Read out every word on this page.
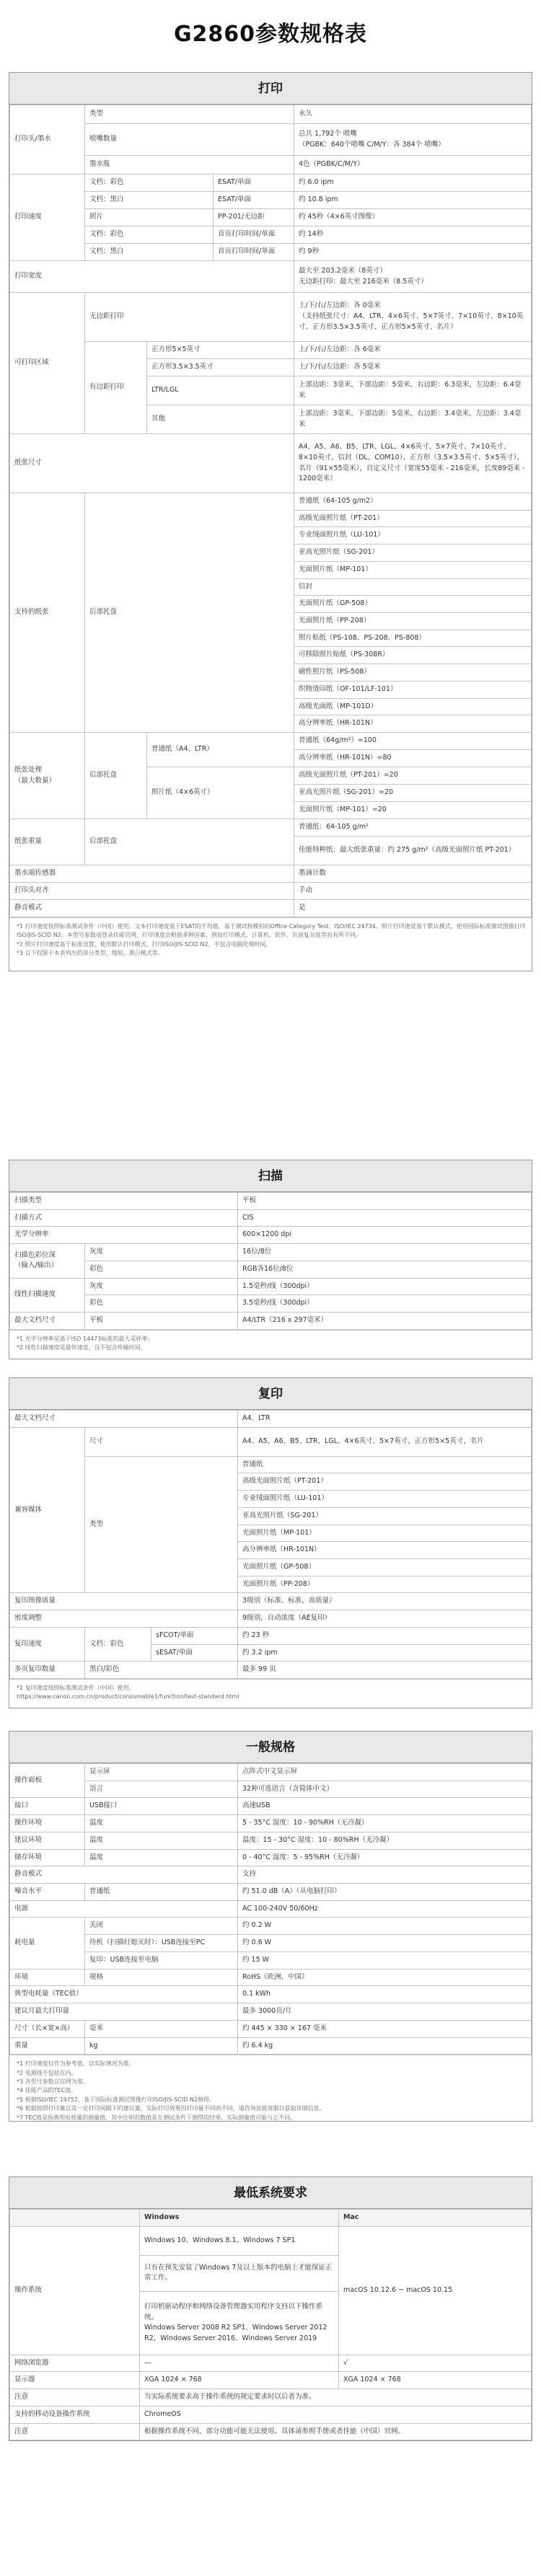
G2860参数规格表
打印
打印头/墨水	类型			永久
	喷嘴数量			总共 1,792个 喷嘴
（PGBK：640个喷嘴 C/M/Y：各 384个 喷嘴）
	墨水瓶			4色（PGBK/C/M/Y）
打印速度	文档：彩色		ESAT/单面	约 6.0 ipm
	文档：黑白		ESAT/单面	约 10.8 ipm
	照片		PP-201/无边距	约 45秒（4×6英寸图像）
	文档：彩色		首页打印时间/单面	约 14秒
	文档：黑白		首页打印时间/单面	约 9秒
打印宽度				最大至 203.2毫米（8英寸）
无边距打印：最大至 216毫米（8.5英寸）
可打印区域	无边距打印			上/下/右/左边距：各 0毫米
（支持纸张尺寸：A4、LTR、4×6英寸、5×7英寸、7×10英寸、8×10英寸、正方形3.5×3.5英寸、正方形5×5英寸、名片）
	有边距打印	正方形5×5英寸		上/下/右/左边距：各 6毫米
		正方形3.5×3.5英寸		上/下/右/左边距：各 5毫米
		LTR/LGL		上部边距：3毫米，下部边距：5毫米，右边距：6.3毫米，左边距：6.4毫米
		其他		上部边距：3毫米，下部边距：5毫米，右边距：3.4毫米，左边距：3.4毫米
纸张尺寸				A4、A5、A6、B5、LTR、LGL、4×6英寸、5×7英寸、7×10英寸、8×10英寸、信封（DL、COM10）、正方形（3.5×3.5英寸、5×5英寸）、名片（91×55毫米），自定义尺寸（宽度55毫米 - 216毫米，长度89毫米 - 1200毫米）
支持的纸张	后部托盘			普通纸（64-105 g/m2）
				高级光面照片纸（PT-201）
				专业绒面照片纸（LU-101）
				亚高光照片纸（SG-201）
				光面照片纸（MP-101）
				信封
				光面照片纸（GP-508）
				光面照片纸（PP-208）
				照片贴纸（PS-108、PS-208、PS-808）
				可移除照片贴纸（PS-308R）
				磁性照片纸（PS-508）
				织物烫印纸（OF-101/LF-101）
				高级光面纸（MP-101D）
				高分辨率纸（HR-101N）
纸张处理
（最大数量）	后部托盘	普通纸（A4、LTR）		普通纸（64g/m²）=100
				高分辨率纸（HR-101N）=80
		照片纸（4×6英寸）		高级光面照片纸（PT-201）=20
				亚高光照片纸（SG-201）=20
				光面照片纸（MP-101）=20
纸张重量	后部托盘			普通纸：64-105 g/m²
				佳能特种纸：最大纸张重量：约 275 g/m²（高级光面照片纸 PT-201）
墨水端传感器				墨滴计数
打印头对齐				手动
静音模式				是
*1 打印速度按照标准测试条件（中国）使用。文本打印速度基于ESAT的平均值，基于测试和模拟的Office Category Test。ISO/IEC 24734。照片打印速度基于默认模式，使用国际标准测试图像打印ISO/JIS-SCID N2。本型号参数请登录佳能官网，打印速度会根据多种因素，例如打印模式，计算机、软件、页面复杂度等而有所不同。
*2 照片打印速度基于标准设置，使用默认打印模式，打印ISO/JIS-SCID N2，不包含电脑处理时间。
*3 以下仅限于本表列出的部分类型，缩短、黑白模式等。
扫描
扫描类型		平板
扫描方式		CIS
光学分辨率		600×1200 dpi
扫描色彩位深
（输入/输出）	灰度	16位/8位
	彩色	RGB各16位/8位
线性扫描速度	灰度	1.5毫秒/线（300dpi）
	彩色	3.5毫秒/线（300dpi）
最大文档尺寸	平板	A4/LTR（216 x 297毫米）
*1 光学分辨率是基于ISO 14473标准的最大采样率。
*2 线性扫描速度是最快速度，且不包含传输时间。
复印
最大文档尺寸			A4、LTR
兼容媒体	尺寸		A4、A5、A6、B5、LTR、LGL、4×6英寸、5×7英寸、正方形5×5英寸、名片
	类型		普通纸
			高级光面照片纸（PT-201）
			专业绒面照片纸（LU-101）
			亚高光照片纸（SG-201）
			光面照片纸（MP-101）
			高分辨率纸（HR-101N）
			光面照片纸（GP-508）
			光面照片纸（PP-208）
复印图像质量			3级别（标准、标准、高质量）
密度调整			9级别，自动浓度（AE复印）
复印速度	文档：彩色	sFCOT/单面	约 23 秒
		sESAT/单面	约 3.2 ipm
多页复印数量	黑白/彩色		最多 99 页
*1 复印速度按照标准测试条件（中国）使用。
https://www.canon.com.cn/product/consumable1/function/test-standard.html
一般规格
操作面板	显示屏	点阵式中文显示屏
	语言	32种可选语言（含简体中文）
接口	USB接口	高速USB
操作环境	温度	5 - 35°C 湿度：10 - 90%RH（无冷凝）
建议环境	温度	温度：15 - 30°C 湿度：10 - 80%RH（无冷凝）
储存环境	温度	0 - 40°C 湿度：5 - 95%RH（无冷凝）
静音模式		支持
噪音水平	普通纸	约 51.0 dB（A）（从电脑打印）
电源		AC 100-240V 50/60Hz
耗电量	关闭	约 0.2 W
	待机（扫描灯熄灭时）：USB连接至PC	约 0.6 W
	复印：USB连接至电脑	约 15 W
环境	规格	RoHS（欧洲、中国）
典型电耗量（TEC值）		0.1 kWh
建议月最大打印量		最多 3000页/月
尺寸（长×宽×高）	毫米	约 445 × 330 × 167 毫米
重量	kg	约 6.4 kg
*1 打印速度仅作为参考值，以实际情况为准。
*2 电源线不包括在内。
*3 各型号参数以官网为准。
*4 佳能产品的TEC值。
*5 根据ISO/IEC 19752、基于国际标准测试图像打印ISO/JIS-SCID N2测得。
*6 根据按照打印量以及一定打印间隔下的建议量，实际打印效果因打印量不同而不同，请咨询佳能客服以获取详细信息。
*7 TEC值是指典型电耗量的测量值，其中注明的数值是在测试条件下测得的结果，实际测量值可能与之不同。
最低系统要求
	Windows	Mac
操作系统	Windows 10、Windows 8.1、Windows 7 SP1	macOS 10.12.6 ~ macOS 10.15
	只有在预先安装了Windows 7及以上版本的电脑上才能保证正常工作。	
	打印机驱动程序和网络设备管理器实用程序支持以下操作系统。
Windows Server 2008 R2 SP1、Windows Server 2012 R2、Windows Server 2016、Windows Server 2019	
网络浏览器	—	√
显示器	XGA 1024 × 768	XGA 1024 × 768
注意	当实际系统要求高于操作系统的规定要求时以后者为准。	
支持的移动设备操作系统	ChromeOS	
注意	根据操作系统不同，部分功能可能无法使用。具体请参照手册或者佳能（中国）官网。	
